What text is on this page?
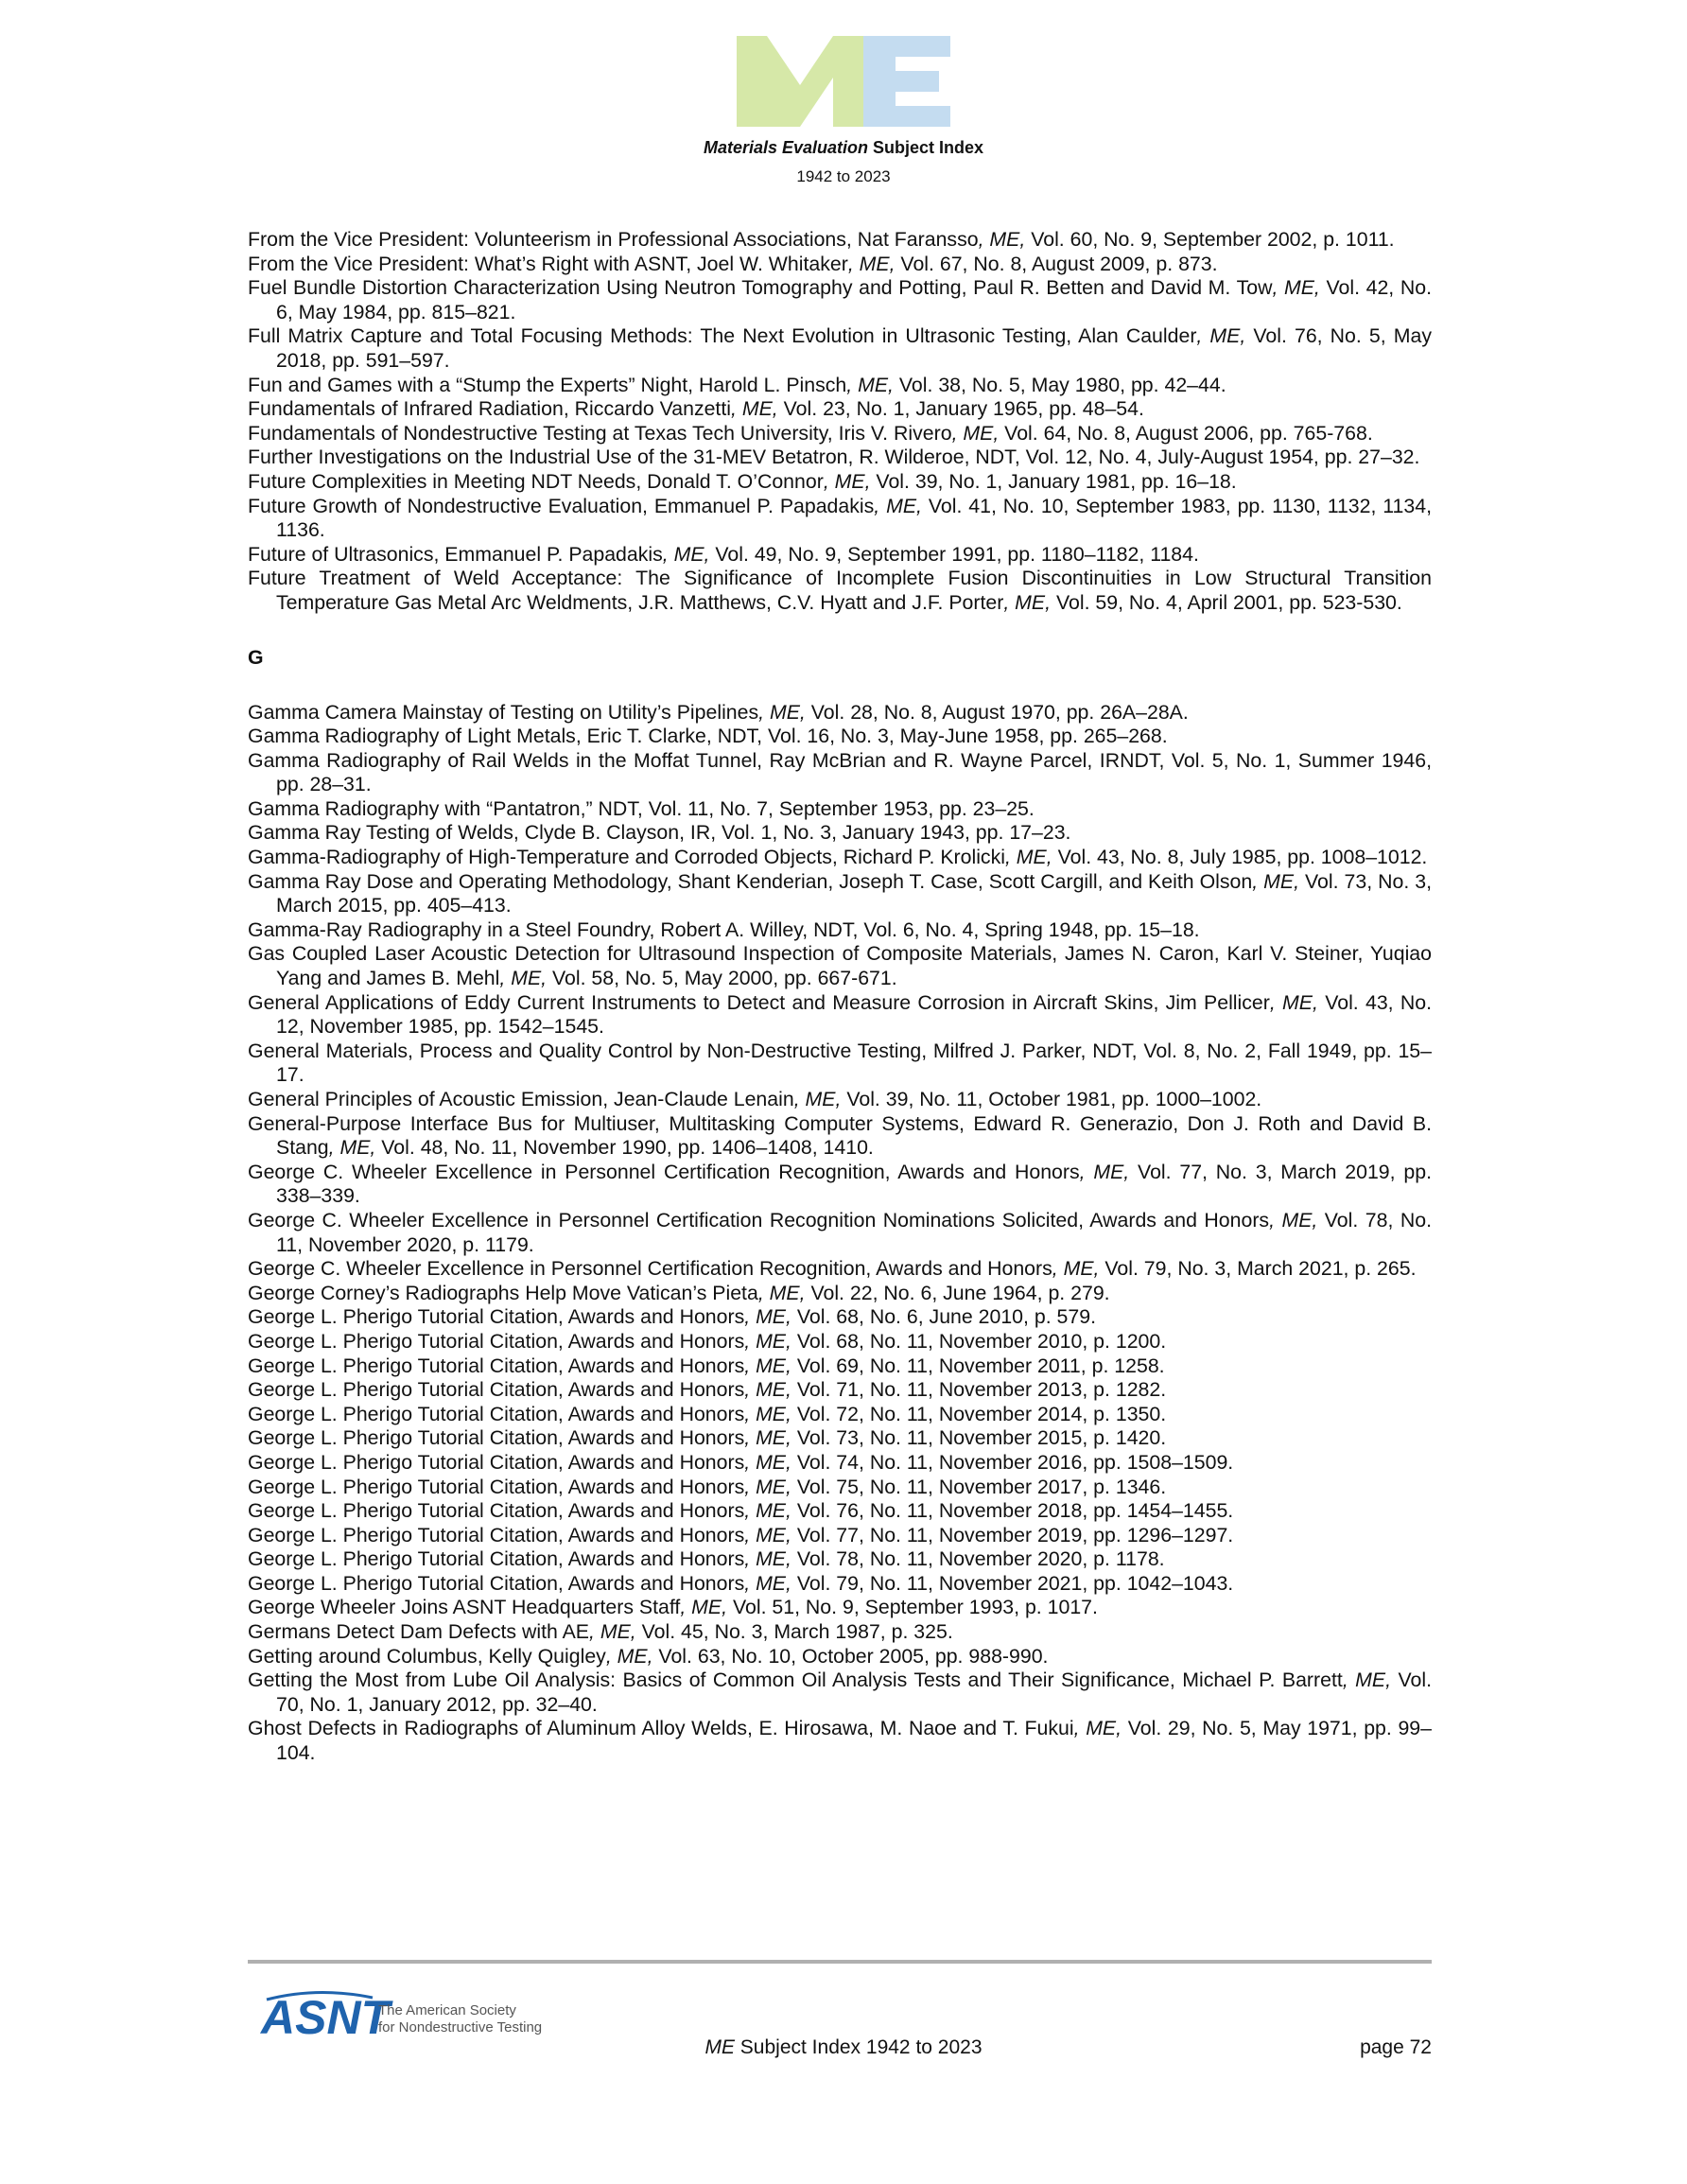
Materials Evaluation Subject Index
1942 to 2023
From the Vice President: Volunteerism in Professional Associations, Nat Faransso, ME, Vol. 60, No. 9, September 2002, p. 1011.
From the Vice President: What’s Right with ASNT, Joel W. Whitaker, ME, Vol. 67, No. 8, August 2009, p. 873.
Fuel Bundle Distortion Characterization Using Neutron Tomography and Potting, Paul R. Betten and David M. Tow, ME, Vol. 42, No. 6, May 1984, pp. 815–821.
Full Matrix Capture and Total Focusing Methods: The Next Evolution in Ultrasonic Testing, Alan Caulder, ME, Vol. 76, No. 5, May 2018, pp. 591–597.
Fun and Games with a “Stump the Experts” Night, Harold L. Pinsch, ME, Vol. 38, No. 5, May 1980, pp. 42–44.
Fundamentals of Infrared Radiation, Riccardo Vanzetti, ME, Vol. 23, No. 1, January 1965, pp. 48–54.
Fundamentals of Nondestructive Testing at Texas Tech University, Iris V. Rivero, ME, Vol. 64, No. 8, August 2006, pp. 765-768.
Further Investigations on the Industrial Use of the 31-MEV Betatron, R. Wilderoe, NDT, Vol. 12, No. 4, July-August 1954, pp. 27–32.
Future Complexities in Meeting NDT Needs, Donald T. O’Connor, ME, Vol. 39, No. 1, January 1981, pp. 16–18.
Future Growth of Nondestructive Evaluation, Emmanuel P. Papadakis, ME, Vol. 41, No. 10, September 1983, pp. 1130, 1132, 1134, 1136.
Future of Ultrasonics, Emmanuel P. Papadakis, ME, Vol. 49, No. 9, September 1991, pp. 1180–1182, 1184.
Future Treatment of Weld Acceptance: The Significance of Incomplete Fusion Discontinuities in Low Structural Transition Temperature Gas Metal Arc Weldments, J.R. Matthews, C.V. Hyatt and J.F. Porter, ME, Vol. 59, No. 4, April 2001, pp. 523-530.
G
Gamma Camera Mainstay of Testing on Utility’s Pipelines, ME, Vol. 28, No. 8, August 1970, pp. 26A–28A.
Gamma Radiography of Light Metals, Eric T. Clarke, NDT, Vol. 16, No. 3, May-June 1958, pp. 265–268.
Gamma Radiography of Rail Welds in the Moffat Tunnel, Ray McBrian and R. Wayne Parcel, IRNDT, Vol. 5, No. 1, Summer 1946, pp. 28–31.
Gamma Radiography with “Pantatron,” NDT, Vol. 11, No. 7, September 1953, pp. 23–25.
Gamma Ray Testing of Welds, Clyde B. Clayson, IR, Vol. 1, No. 3, January 1943, pp. 17–23.
Gamma-Radiography of High-Temperature and Corroded Objects, Richard P. Krolicki, ME, Vol. 43, No. 8, July 1985, pp. 1008–1012.
Gamma Ray Dose and Operating Methodology, Shant Kenderian, Joseph T. Case, Scott Cargill, and Keith Olson, ME, Vol. 73, No. 3, March 2015, pp. 405–413.
Gamma-Ray Radiography in a Steel Foundry, Robert A. Willey, NDT, Vol. 6, No. 4, Spring 1948, pp. 15–18.
Gas Coupled Laser Acoustic Detection for Ultrasound Inspection of Composite Materials, James N. Caron, Karl V. Steiner, Yuqiao Yang and James B. Mehl, ME, Vol. 58, No. 5, May 2000, pp. 667-671.
General Applications of Eddy Current Instruments to Detect and Measure Corrosion in Aircraft Skins, Jim Pellicer, ME, Vol. 43, No. 12, November 1985, pp. 1542–1545.
General Materials, Process and Quality Control by Non-Destructive Testing, Milfred J. Parker, NDT, Vol. 8, No. 2, Fall 1949, pp. 15–17.
General Principles of Acoustic Emission, Jean-Claude Lenain, ME, Vol. 39, No. 11, October 1981, pp. 1000–1002.
General-Purpose Interface Bus for Multiuser, Multitasking Computer Systems, Edward R. Generazio, Don J. Roth and David B. Stang, ME, Vol. 48, No. 11, November 1990, pp. 1406–1408, 1410.
George C. Wheeler Excellence in Personnel Certification Recognition, Awards and Honors, ME, Vol. 77, No. 3, March 2019, pp. 338–339.
George C. Wheeler Excellence in Personnel Certification Recognition Nominations Solicited, Awards and Honors, ME, Vol. 78, No. 11, November 2020, p. 1179.
George C. Wheeler Excellence in Personnel Certification Recognition, Awards and Honors, ME, Vol. 79, No. 3, March 2021, p. 265.
George Corney’s Radiographs Help Move Vatican’s Pieta, ME, Vol. 22, No. 6, June 1964, p. 279.
George L. Pherigo Tutorial Citation, Awards and Honors, ME, Vol. 68, No. 6, June 2010, p. 579.
George L. Pherigo Tutorial Citation, Awards and Honors, ME, Vol. 68, No. 11, November 2010, p. 1200.
George L. Pherigo Tutorial Citation, Awards and Honors, ME, Vol. 69, No. 11, November 2011, p. 1258.
George L. Pherigo Tutorial Citation, Awards and Honors, ME, Vol. 71, No. 11, November 2013, p. 1282.
George L. Pherigo Tutorial Citation, Awards and Honors, ME, Vol. 72, No. 11, November 2014, p. 1350.
George L. Pherigo Tutorial Citation, Awards and Honors, ME, Vol. 73, No. 11, November 2015, p. 1420.
George L. Pherigo Tutorial Citation, Awards and Honors, ME, Vol. 74, No. 11, November 2016, pp. 1508–1509.
George L. Pherigo Tutorial Citation, Awards and Honors, ME, Vol. 75, No. 11, November 2017, p. 1346.
George L. Pherigo Tutorial Citation, Awards and Honors, ME, Vol. 76, No. 11, November 2018, pp. 1454–1455.
George L. Pherigo Tutorial Citation, Awards and Honors, ME, Vol. 77, No. 11, November 2019, pp. 1296–1297.
George L. Pherigo Tutorial Citation, Awards and Honors, ME, Vol. 78, No. 11, November 2020, p. 1178.
George L. Pherigo Tutorial Citation, Awards and Honors, ME, Vol. 79, No. 11, November 2021, pp. 1042–1043.
George Wheeler Joins ASNT Headquarters Staff, ME, Vol. 51, No. 9, September 1993, p. 1017.
Germans Detect Dam Defects with AE, ME, Vol. 45, No. 3, March 1987, p. 325.
Getting around Columbus, Kelly Quigley, ME, Vol. 63, No. 10, October 2005, pp. 988-990.
Getting the Most from Lube Oil Analysis: Basics of Common Oil Analysis Tests and Their Significance, Michael P. Barrett, ME, Vol. 70, No. 1, January 2012, pp. 32–40.
Ghost Defects in Radiographs of Aluminum Alloy Welds, E. Hirosawa, M. Naoe and T. Fukui, ME, Vol. 29, No. 5, May 1971, pp. 99–104.
ASNT
The American Society
for Nondestructive Testing
ME Subject Index 1942 to 2023	page 72
